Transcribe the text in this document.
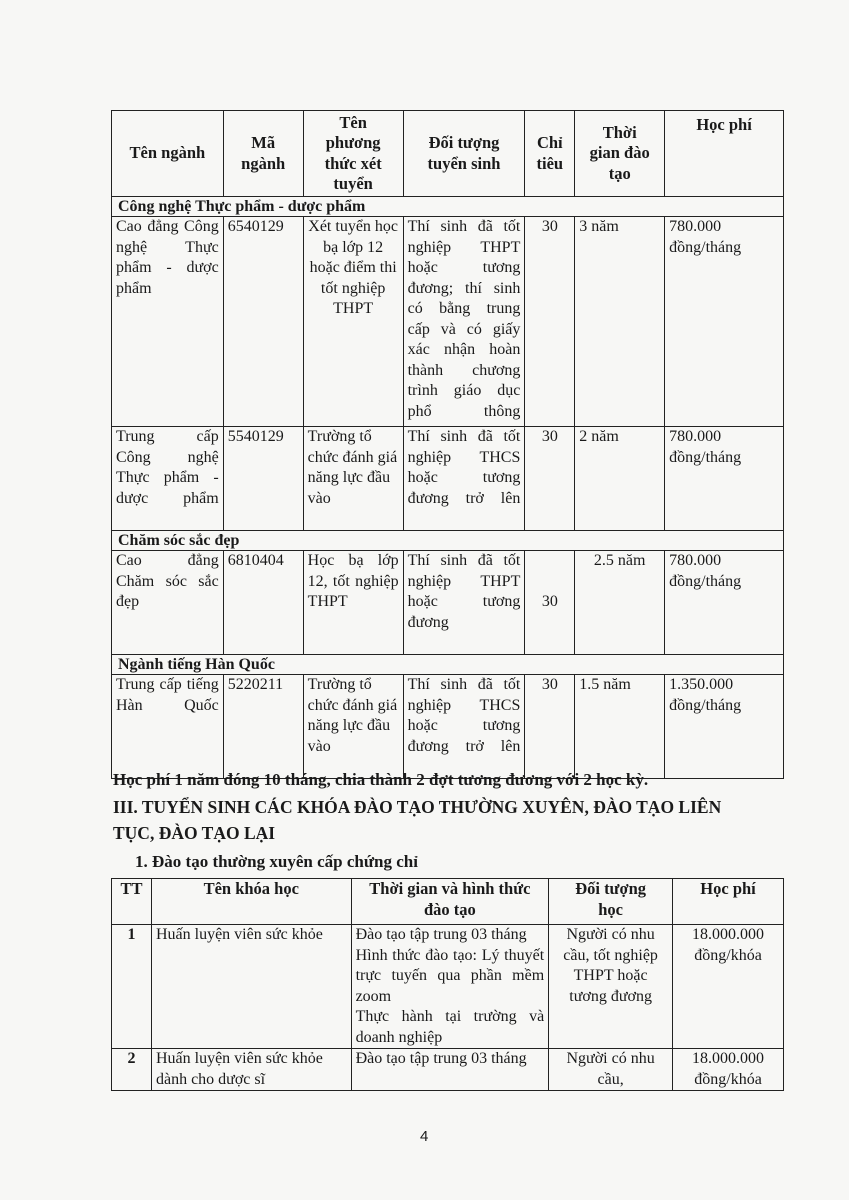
Tên ngành	Mã ngành	Tên phương thức xét tuyển	Đối tượng tuyển sinh	Chỉ tiêu	Thời gian đào tạo	Học phí
Công nghệ Thực phẩm - dược phẩm						
Cao đẳng Công nghệ Thực phẩm - dược phẩm	6540129	Xét tuyển học bạ lớp 12 hoặc điểm thi tốt nghiệp THPT	Thí sinh đã tốt nghiệp THPT hoặc tương đương; thí sinh có bằng trung cấp và có giấy xác nhận hoàn thành chương trình giáo dục phổ thông	30	3 năm	780.000 đồng/tháng
Trung cấp Công nghệ Thực phẩm - dược phẩm	5540129	Trường tổ chức đánh giá năng lực đầu vào	Thí sinh đã tốt nghiệp THCS hoặc tương đương trở lên	30	2 năm	780.000 đồng/tháng
Chăm sóc sắc đẹp						
Cao đẳng Chăm sóc sắc đẹp	6810404	Học bạ lớp 12, tốt nghiệp THPT	Thí sinh đã tốt nghiệp THPT hoặc tương đương	30	2.5 năm	780.000 đồng/tháng
Ngành tiếng Hàn Quốc						
Trung cấp tiếng Hàn Quốc	5220211	Trường tổ chức đánh giá năng lực đầu vào	Thí sinh đã tốt nghiệp THCS hoặc tương đương trở lên	30	1.5 năm	1.350.000 đồng/tháng
Học phí 1 năm đóng 10 tháng, chia thành 2 đợt tương đương với 2 học kỳ.
III. TUYỂN SINH CÁC KHÓA ĐÀO TẠO THƯỜNG XUYÊN, ĐÀO TẠO LIÊN
TỤC, ĐÀO TẠO LẠI
1. Đào tạo thường xuyên cấp chứng chỉ
TT	Tên khóa học	Thời gian và hình thức đào tạo	Đối tượng học	Học phí
1	Huấn luyện viên sức khỏe	Đào tạo tập trung 03 tháng
Hình thức đào tạo: Lý thuyết trực tuyến qua phần mềm zoom
Thực hành tại trường và doanh nghiệp	Người có nhu cầu, tốt nghiệp THPT hoặc tương đương	18.000.000 đồng/khóa
2	Huấn luyện viên sức khỏe dành cho dược sĩ	Đào tạo tập trung 03 tháng	Người có nhu cầu,	18.000.000 đồng/khóa
4
